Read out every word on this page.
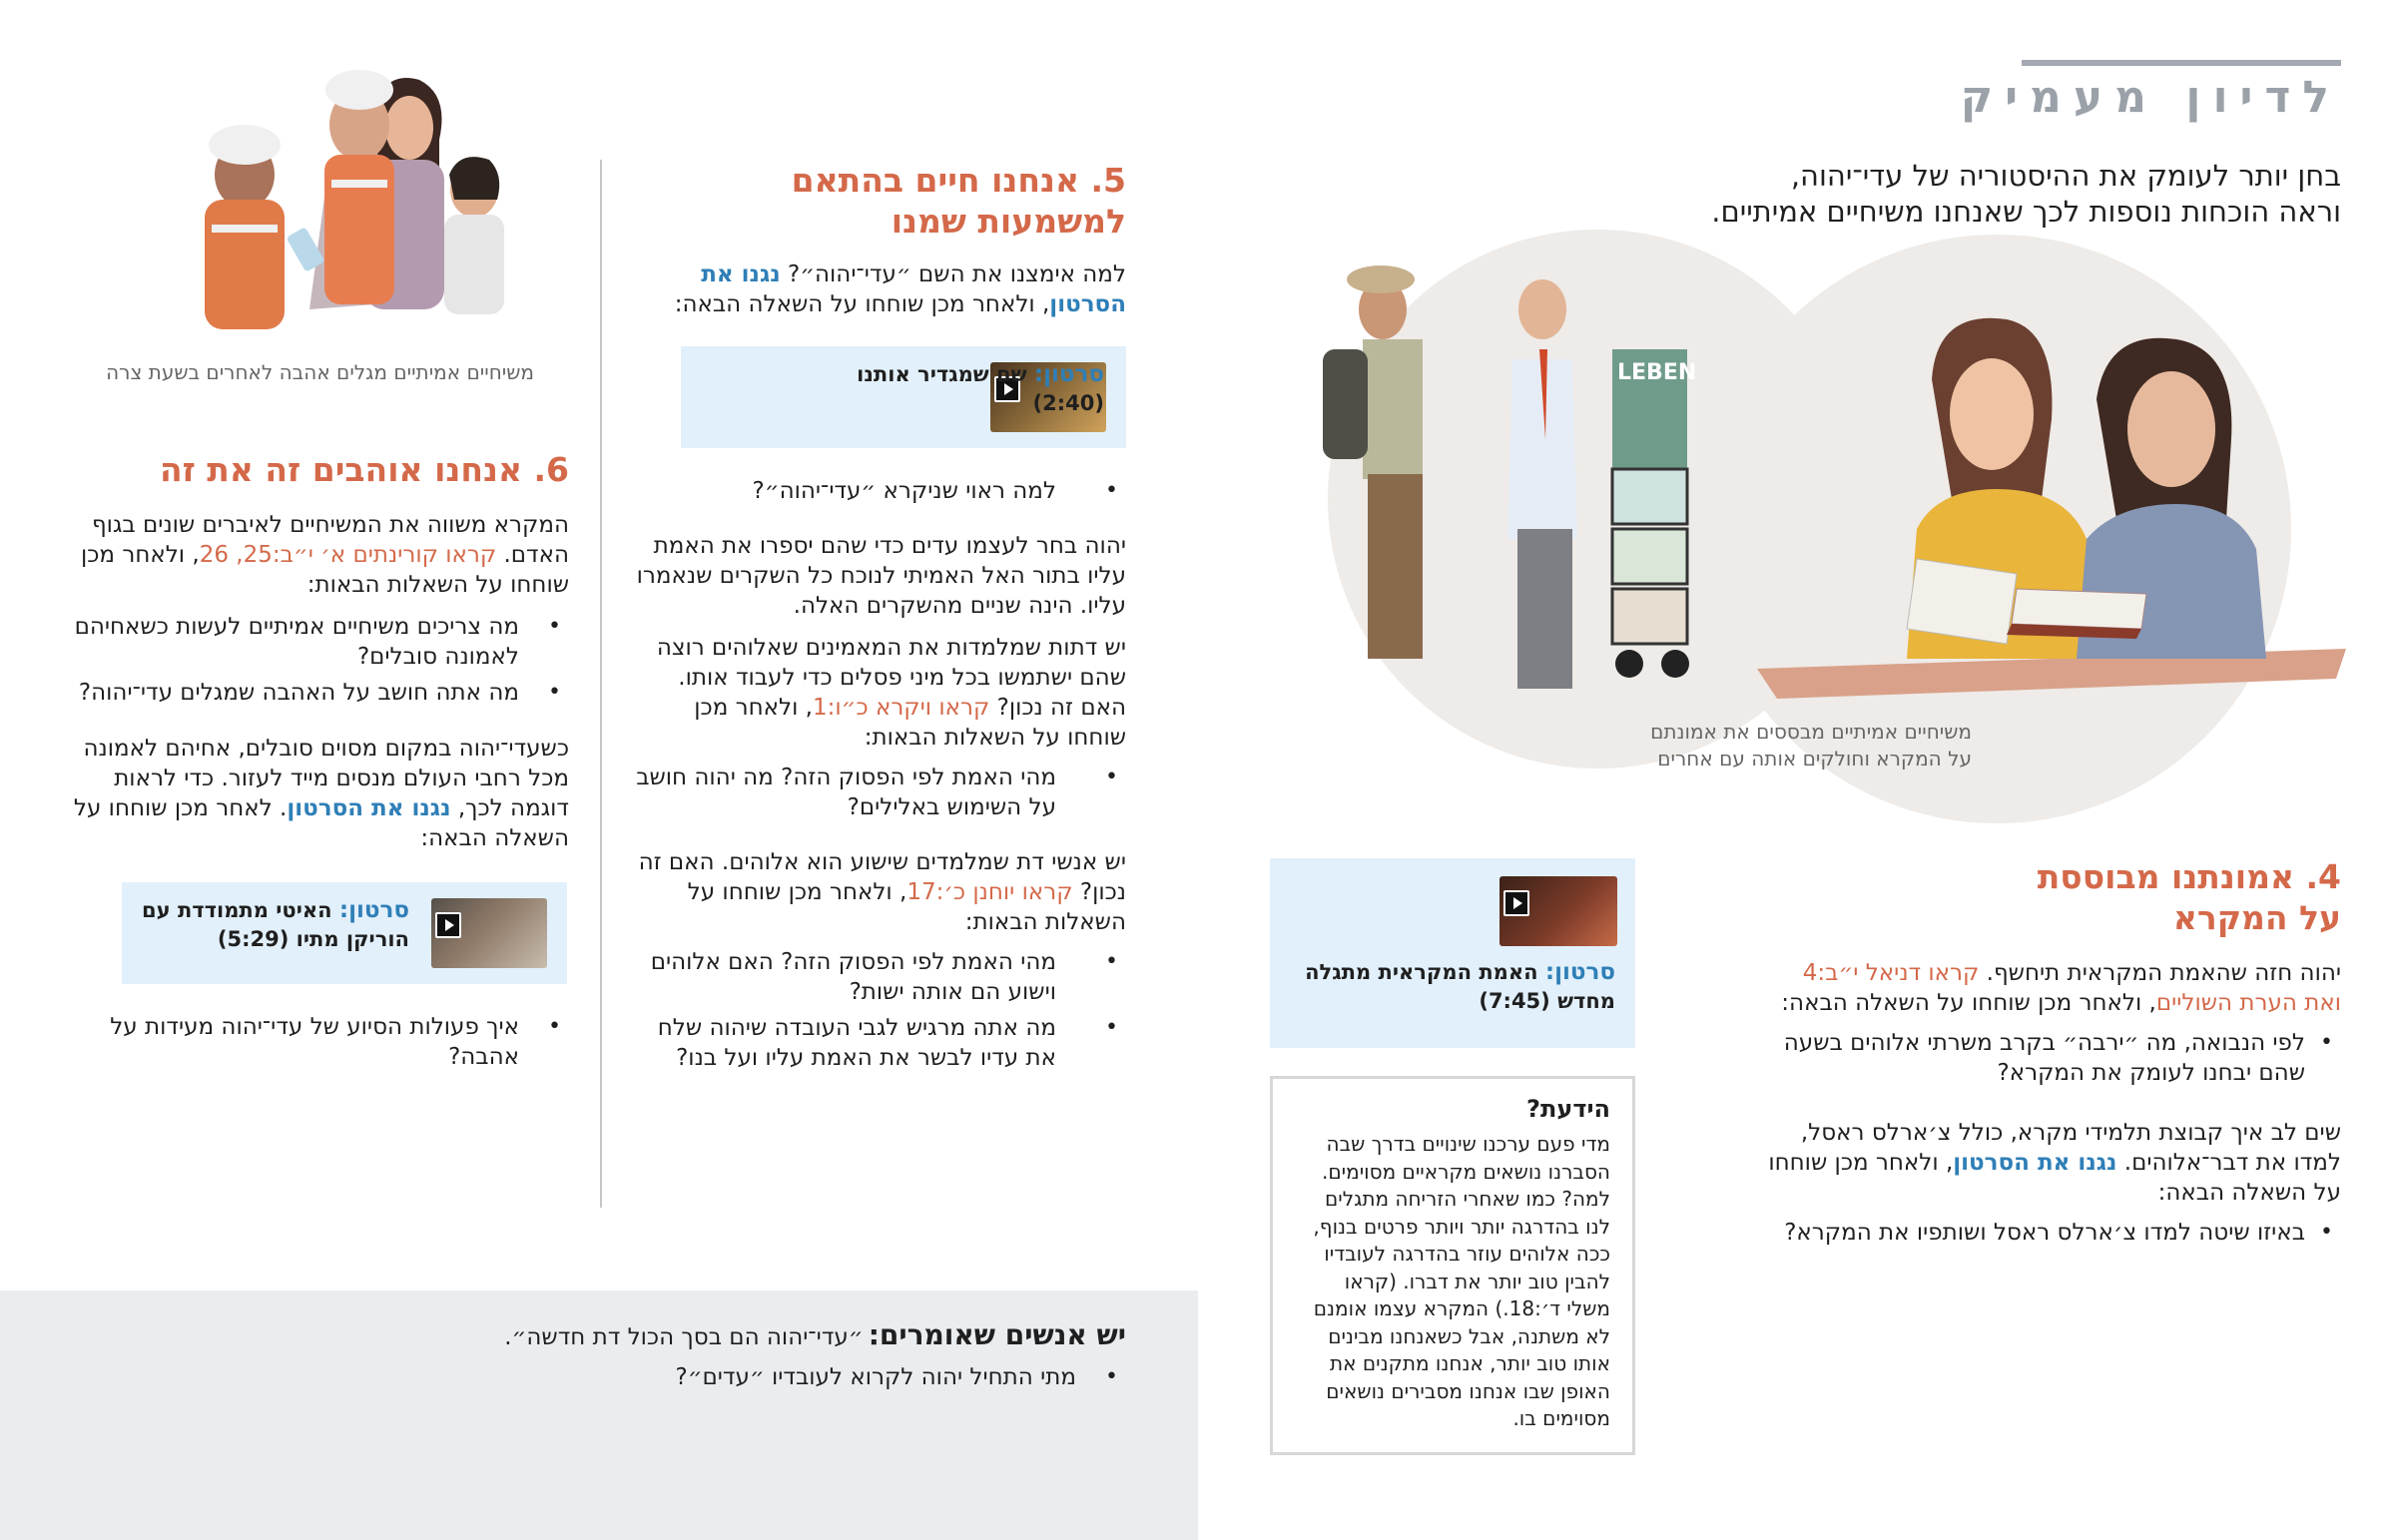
לדיון מעמיק

בחן יותר לעומק את ההיסטוריה של עדי־יהוה,

וראה הוכחות נוספות לכך שאנחנו משיחיים אמיתיים.

LEBEN
משיחיים אמיתיים מבססים את אמונתם
על המקרא וחולקים אותה עם אחרים
4. אמונתנו מבוססת
על המקרא

יהוה חזה שהאמת המקראית תיחשף. קראו דניאל י״ב:4 ואת הערת השוליים, ולאחר מכן שוחחו על השאלה הבאה:

• לפי הנבואה, מה ״ירבה״ בקרב משרתי אלוהים בשעה שהם יבחנו לעומק את המקרא?

שים לב איך קבוצת תלמידי מקרא, כולל צ׳ארלס ראסל, למדו את דבר־אלוהים. נגנו את הסרטון, ולאחר מכן שוחחו על השאלה הבאה:

• באיזו שיטה למדו צ׳ארלס ראסל ושותפיו את המקרא?
סרטון: האמת המקראית מתגלה מחדש (7:45)
הידעת?

מדי פעם ערכנו שינויים בדרך שבה הסברנו נושאים מקראיים מסוימים. למה? כמו שאחרי הזריחה מתגלים לנו בהדרגה יותר ויותר פרטים בנוף, ככה אלוהים עוזר בהדרגה לעובדיו להבין טוב יותר את דברו. (קראו משלי ד׳:18.) המקרא עצמו אומנם לא משתנה, אבל כשאנחנו מבינים אותו טוב יותר, אנחנו מתקנים את האופן שבו אנחנו מסבירים נושאים מסוימים בו.

5. אנחנו חיים בהתאם
למשמעות שמנו

למה אימצנו את השם ״עדי־יהוה״? נגנו את הסרטון, ולאחר מכן שוחחו על השאלה הבאה:

סרטון: שם שמגדיר אותנו
(2:40)
• למה ראוי שניקרא ״עדי־יהוה״?

יהוה בחר לעצמו עדים כדי שהם יספרו את האמת עליו בתור האל האמיתי לנוכח כל השקרים שנאמרו עליו. הינה שניים מהשקרים האלה.

יש דתות שמלמדות את המאמינים שאלוהים רוצה שהם ישתמשו בכל מיני פסלים כדי לעבוד אותו. האם זה נכון? קראו ויקרא כ״ו:1, ולאחר מכן שוחחו על השאלות הבאות:

• מהי האמת לפי הפסוק הזה? מה יהוה חושב על השימוש באלילים?

יש אנשי דת שמלמדים שישוע הוא אלוהים. האם זה נכון? קראו יוחנן כ׳:17, ולאחר מכן שוחחו על השאלות הבאות:

• מהי האמת לפי הפסוק הזה? האם אלוהים וישוע הם אותה ישות?
• מה אתה מרגיש לגבי העובדה שיהוה שלח את עדיו לבשר את האמת עליו ועל בנו?
משיחיים אמיתיים מגלים אהבה לאחרים בשעת צרה
6. אנחנו אוהבים זה את זה

המקרא משווה את המשיחיים לאיברים שונים בגוף האדם. קראו קורינתים א׳ י״ב:25, 26, ולאחר מכן שוחחו על השאלות הבאות:

• מה צריכים משיחיים אמיתיים לעשות כשאחיהם לאמונה סובלים?
• מה אתה חושב על האהבה שמגלים עדי־יהוה?

כשעדי־יהוה במקום מסוים סובלים, אחיהם לאמונה מכל רחבי העולם מנסים מייד לעזור. כדי לראות דוגמה לכך, נגנו את הסרטון. לאחר מכן שוחחו על השאלה הבאה:

סרטון: האיטי מתמודדת עם הוריקן מתיו (5:29)
• איך פעולות הסיוע של עדי־יהוה מעידות על אהבה?
יש אנשים שאומרים: ״עדי־יהוה הם בסך הכול דת חדשה״.
• מתי התחיל יהוה לקרוא לעובדיו ״עדים״?
